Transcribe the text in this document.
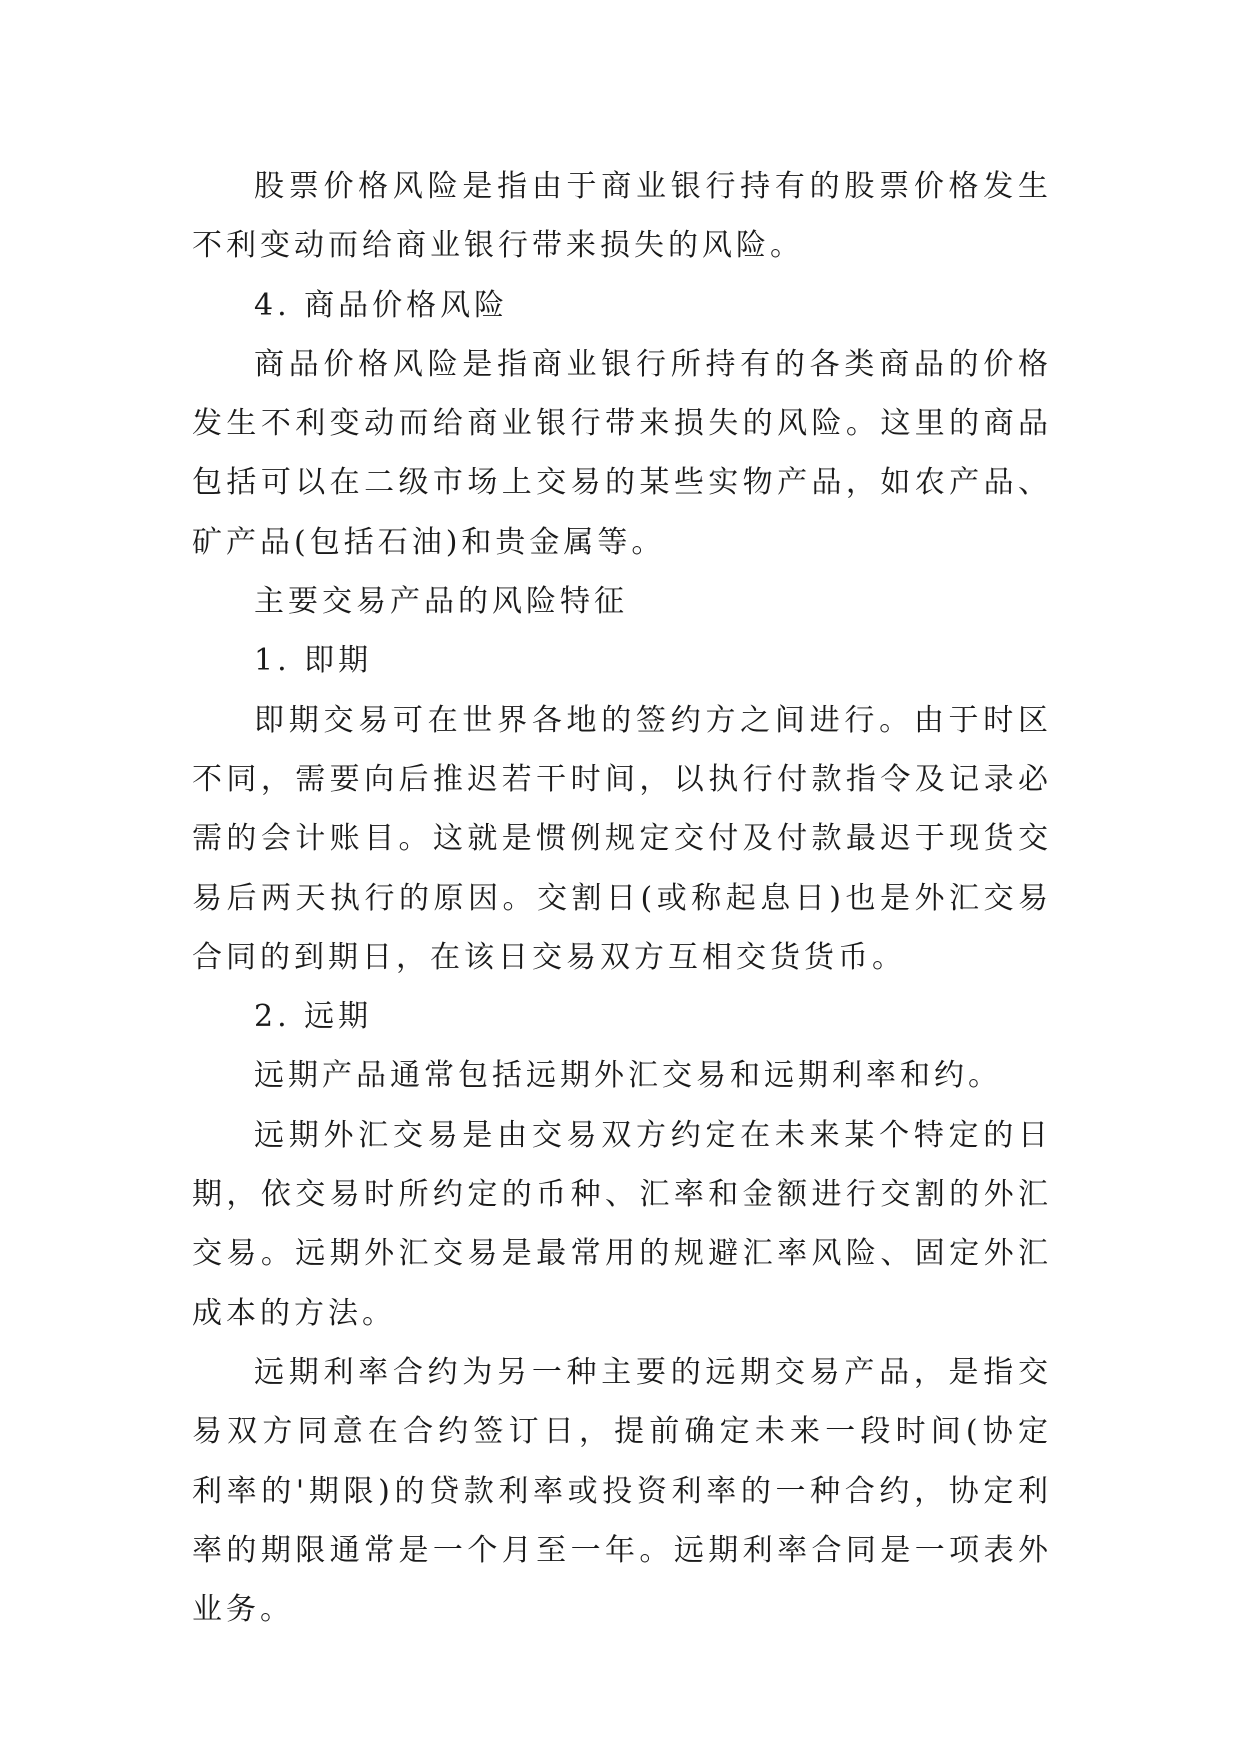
股票价格风险是指由于商业银行持有的股票价格发生不利变动而给商业银行带来损失的风险。

4. 商品价格风险

商品价格风险是指商业银行所持有的各类商品的价格发生不利变动而给商业银行带来损失的风险。这里的商品包括可以在二级市场上交易的某些实物产品，如农产品、矿产品(包括石油)和贵金属等。

主要交易产品的风险特征

1. 即期

即期交易可在世界各地的签约方之间进行。由于时区不同，需要向后推迟若干时间，以执行付款指令及记录必需的会计账目。这就是惯例规定交付及付款最迟于现货交易后两天执行的原因。交割日(或称起息日)也是外汇交易合同的到期日，在该日交易双方互相交货货币。

2. 远期

远期产品通常包括远期外汇交易和远期利率和约。

远期外汇交易是由交易双方约定在未来某个特定的日期，依交易时所约定的币种、汇率和金额进行交割的外汇交易。远期外汇交易是最常用的规避汇率风险、固定外汇成本的方法。

远期利率合约为另一种主要的远期交易产品，是指交易双方同意在合约签订日，提前确定未来一段时间(协定利率的'期限)的贷款利率或投资利率的一种合约，协定利率的期限通常是一个月至一年。远期利率合同是一项表外业务。
